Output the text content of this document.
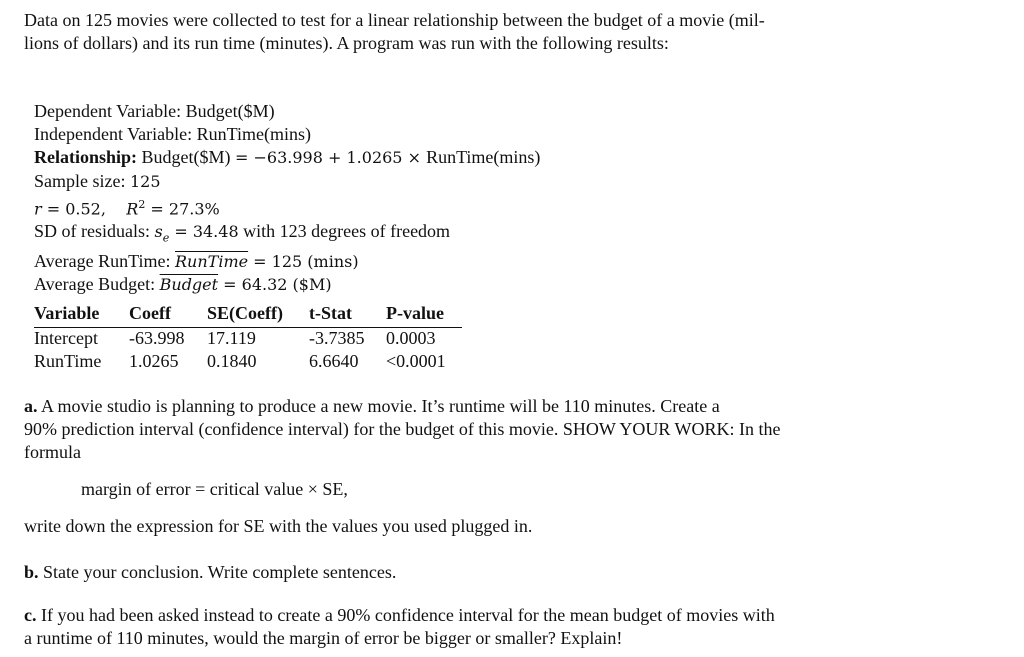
Data on 125 movies were collected to test for a linear relationship between the budget of a movie (mil-
lions of dollars) and its run time (minutes). A program was run with the following results:
Dependent Variable: Budget($M)
Independent Variable: RunTime(mins)
Relationship: Budget($M) = −63.998 + 1.0265 × RunTime(mins)
Sample size: 125
r = 0.52,    $R^2 = 27.3\%$
SD of residuals: $s_e = 34.48$ with 123 degrees of freedom
Average RunTime: RunTime = 125 (mins)
Average Budget: Budget = 64.32 ($M)
Variable	Coeff	SE(Coeff)	t-Stat	P-value
Intercept	-63.998	17.119	-3.7385	0.0003
RunTime	1.0265	0.1840	6.6640	<0.0001
a. A movie studio is planning to produce a new movie. It’s runtime will be 110 minutes. Create a
90% prediction interval (confidence interval) for the budget of this movie. SHOW YOUR WORK: In the
formula
margin of error = critical value × SE,
write down the expression for SE with the values you used plugged in.
b. State your conclusion. Write complete sentences.
c. If you had been asked instead to create a 90% confidence interval for the mean budget of movies with
a runtime of 110 minutes, would the margin of error be bigger or smaller? Explain!
